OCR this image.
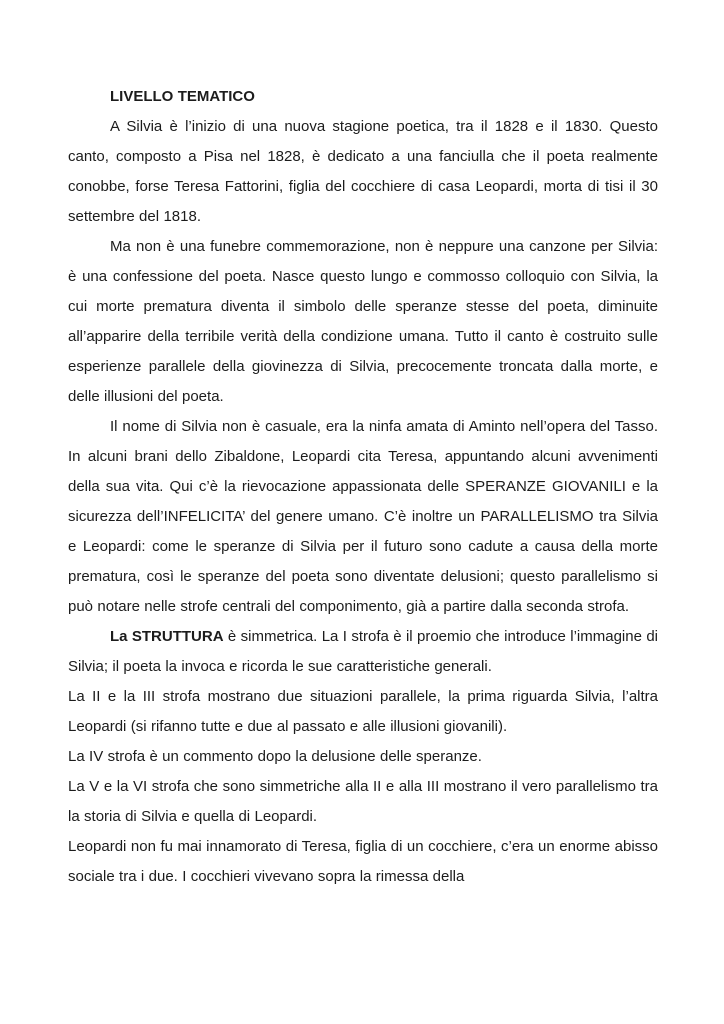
LIVELLO TEMATICO

A Silvia è l’inizio di una nuova stagione poetica, tra il 1828 e il 1830. Questo canto, composto a Pisa nel 1828, è dedicato a una fanciulla che il poeta realmente conobbe, forse Teresa Fattorini, figlia del cocchiere di casa Leopardi, morta di tisi il 30 settembre del 1818.

Ma non è una funebre commemorazione, non è neppure una canzone per Silvia: è una confessione del poeta. Nasce questo lungo e commosso colloquio con Silvia, la cui morte prematura diventa il simbolo delle speranze stesse del poeta, diminuite all’apparire della terribile verità della condizione umana. Tutto il canto è costruito sulle esperienze parallele della giovinezza di Silvia, precocemente troncata dalla morte, e delle illusioni del poeta.

Il nome di Silvia non è casuale, era la ninfa amata di Aminto nell’opera del Tasso. In alcuni brani dello Zibaldone, Leopardi cita Teresa, appuntando alcuni avvenimenti della sua vita. Qui c’è la rievocazione appassionata delle SPERANZE GIOVANILI e la sicurezza dell’INFELICITA’ del genere umano. C’è inoltre un PARALLELISMO tra Silvia e Leopardi: come le speranze di Silvia per il futuro sono cadute a causa della morte prematura, così le speranze del poeta sono diventate delusioni; questo parallelismo si può notare nelle strofe centrali del componimento, già a partire dalla seconda strofa.

La STRUTTURA è simmetrica. La I strofa è il proemio che introduce l’immagine di Silvia; il poeta la invoca e ricorda le sue caratteristiche generali.

La II e la III strofa mostrano due situazioni parallele, la prima riguarda Silvia, l’altra Leopardi (si rifanno tutte e due al passato e alle illusioni giovanili).

La IV strofa è un commento dopo la delusione delle speranze.

La V e la VI strofa che sono simmetriche alla II e alla III mostrano il vero parallelismo tra la storia di Silvia e quella di Leopardi.

Leopardi non fu mai innamorato di Teresa, figlia di un cocchiere, c’era un enorme abisso sociale tra i due. I cocchieri vivevano sopra la rimessa della
